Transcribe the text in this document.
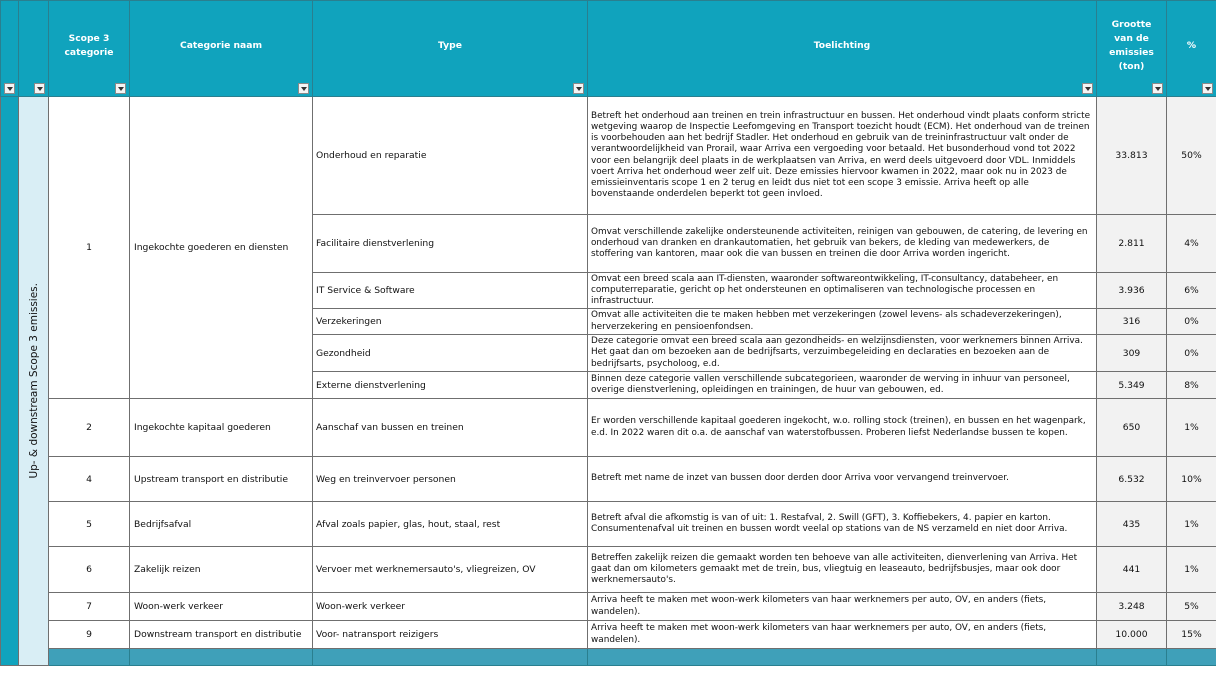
		Scope 3 categorie	Categorie naam	Type	Toelichting	Grootte van de emissies (ton)	%	

	Up- & downstream Scope 3 emissies.	1	Ingekochte goederen en diensten	Onderhoud en reparatie	Betreft het onderhoud aan treinen en trein infrastructuur en bussen. Het onderhoud vindt plaats conform stricte wetgeving waarop de Inspectie Leefomgeving en Transport toezicht houdt (ECM). Het onderhoud van de treinen is voorbehouden aan het bedrijf Stadler. Het onderhoud en gebruik van de treininfrastructuur valt onder de verantwoordelijkheid van Prorail, waar Arriva een vergoeding voor betaald. Het busonderhoud vond tot 2022 voor een belangrijk deel plaats in de werkplaatsen van Arriva, en werd deels uitgevoerd door VDL. Inmiddels voert Arriva het onderhoud weer zelf uit. Deze emissies hiervoor kwamen in 2022, maar ook nu in 2023 de emissieinventaris scope 1 en 2 terug en leidt dus niet tot een scope 3 emissie. Arriva heeft op alle bovenstaande onderdelen beperkt tot geen invloed.	33.813	50%	
				Facilitaire dienstverlening	Omvat verschillende zakelijke ondersteunende activiteiten, reinigen van gebouwen, de catering, de levering en onderhoud van dranken en drankautomatien, het gebruik van bekers, de kleding van medewerkers, de stoffering van kantoren, maar ook die van bussen en treinen die door Arriva worden ingericht.	2.811	4%	
				IT Service & Software	Omvat een breed scala aan IT-diensten, waaronder softwareontwikkeling, IT-consultancy, databeheer, en computerreparatie, gericht op het ondersteunen en optimaliseren van technologische processen en infrastructuur.	3.936	6%	
				Verzekeringen	Omvat alle activiteiten die te maken hebben met verzekeringen (zowel levens- als schadeverzekeringen), herverzekering en pensioenfondsen.	316	0%	
				Gezondheid	Deze categorie omvat een breed scala aan gezondheids- en welzijnsdiensten, voor werknemers binnen Arriva. Het gaat dan om bezoeken aan de bedrijfsarts, verzuimbegeleiding en declaraties en bezoeken aan de bedrijfsarts, psycholoog, e.d.	309	0%	
				Externe dienstverlening	Binnen deze categorie vallen verschillende subcategorieen, waaronder de werving in inhuur van personeel, overige dienstverlening, opleidingen en trainingen, de huur van gebouwen, ed.	5.349	8%	
		2	Ingekochte kapitaal goederen	Aanschaf van bussen en treinen	Er worden verschillende kapitaal goederen ingekocht, w.o. rolling stock (treinen), en bussen en het wagenpark, e.d. In 2022 waren dit o.a. de aanschaf van waterstofbussen. Proberen liefst Nederlandse bussen te kopen.	650	1%	
		4	Upstream transport en distributie	Weg en treinvervoer personen	Betreft met name de inzet van bussen door derden door Arriva voor vervangend treinvervoer.	6.532	10%	
		5	Bedrijfsafval	Afval zoals papier, glas, hout, staal, rest	Betreft afval die afkomstig is van of uit: 1. Restafval, 2. Swill (GFT), 3. Koffiebekers, 4. papier en karton. Consumentenafval uit treinen en bussen wordt veelal op stations van de NS verzameld en niet door Arriva.	435	1%	
		6	Zakelijk reizen	Vervoer met werknemersauto's, vliegreizen, OV	Betreffen zakelijk reizen die gemaakt worden ten behoeve van alle activiteiten, dienverlening van Arriva. Het gaat dan om kilometers gemaakt met de trein, bus, vliegtuig en leaseauto, bedrijfsbusjes, maar ook door werknemersauto's.	441	1%	
		7	Woon-werk verkeer	Woon-werk verkeer	Arriva heeft te maken met woon-werk kilometers van haar werknemers per auto, OV, en anders (fiets, wandelen).	3.248	5%	
		9	Downstream transport en distributie	Voor- natransport reizigers	Arriva heeft te maken met woon-werk kilometers van haar werknemers per auto, OV, en anders (fiets, wandelen).	10.000	15%	
